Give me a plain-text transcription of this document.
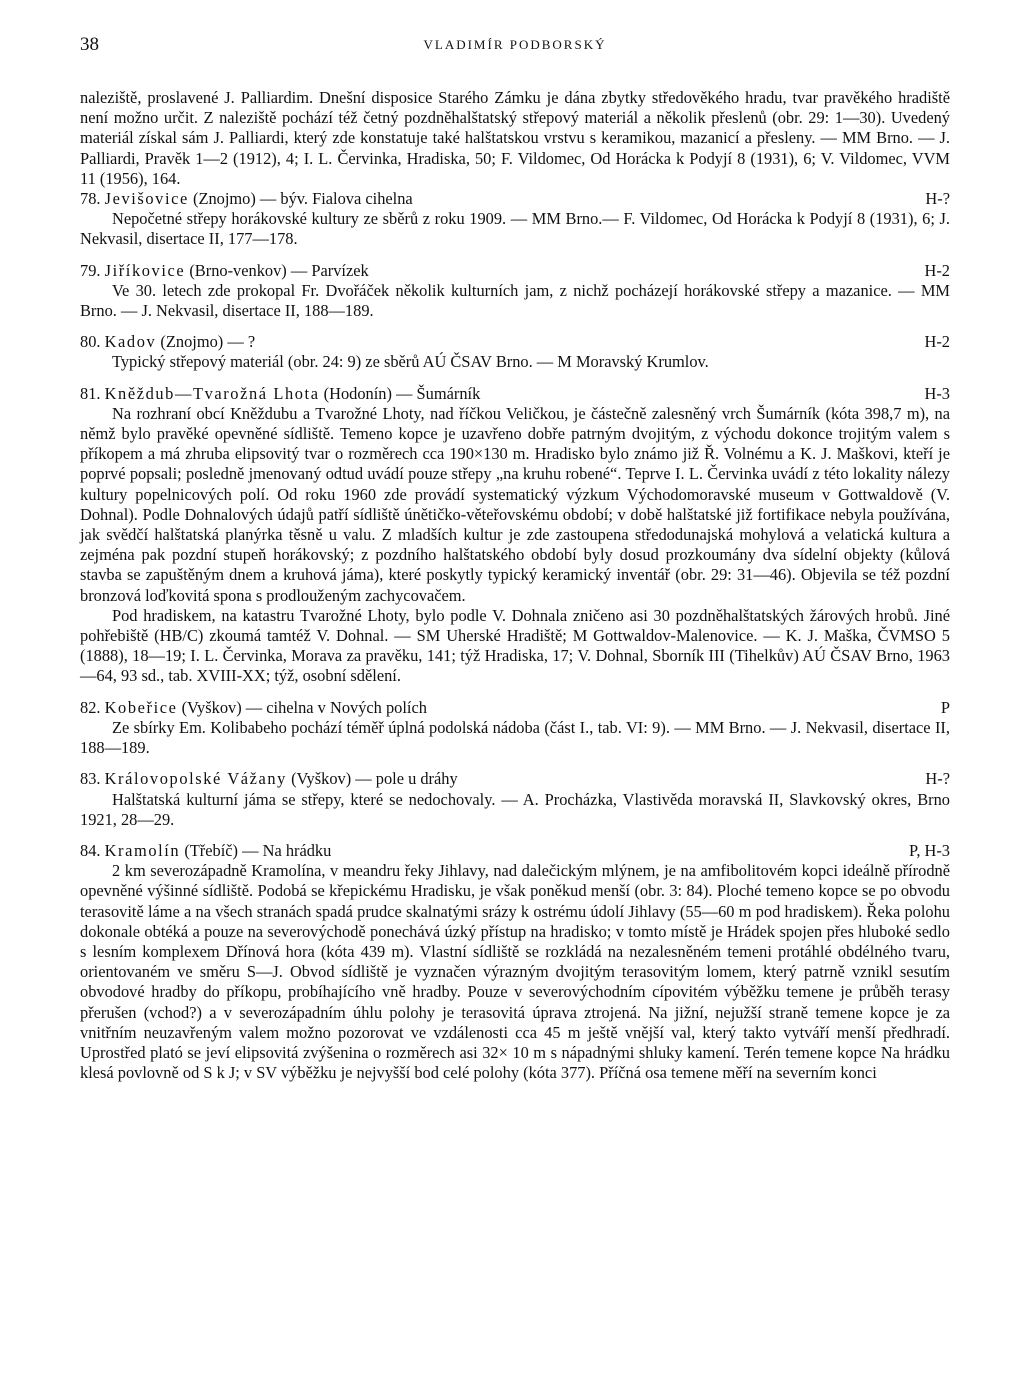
38	VLADIMÍR PODBORSKÝ

naleziště, proslavené J. Palliardim. Dnešní disposice Starého Zámku je dána zbytky středověkého hradu, tvar pravěkého hradiště není možno určit. Z naleziště pochází též četný pozdněhalštatský střepový materiál a několik přeslenů (obr. 29: 1—30). Uvedený materiál získal sám J. Palliardi, který zde konstatuje také halštatskou vrstvu s keramikou, mazanicí a přesleny. — MM Brno. — J. Palliardi, Pravěk 1—2 (1912), 4; I. L. Červinka, Hradiska, 50; F. Vildomec, Od Horácka k Podyjí 8 (1931), 6; V. Vildomec, VVM 11 (1956), 164.

78. Jevišovice (Znojmo) — býv. Fialova cihelna	H-?

Nepočetné střepy horákovské kultury ze sběrů z roku 1909. — MM Brno.— F. Vildomec, Od Horácka k Podyjí 8 (1931), 6; J. Nekvasil, disertace II, 177—178.

79. Jiříkovice (Brno-venkov) — Parvízek	H-2

Ve 30. letech zde prokopal Fr. Dvořáček několik kulturních jam, z nichž pocházejí horákovské střepy a mazanice. — MM Brno. — J. Nekvasil, disertace II, 188—189.

80. Kadov (Znojmo) — ?	H-2

Typický střepový materiál (obr. 24: 9) ze sběrů AÚ ČSAV Brno. — M Moravský Krumlov.

81. Kněždub—Tvarožná Lhota (Hodonín) — Šumárník	H-3

Na rozhraní obcí Kněždubu a Tvarožné Lhoty, nad říčkou Veličkou, je částečně zalesněný vrch Šumárník (kóta 398,7 m), na němž bylo pravěké opevněné sídliště. Temeno kopce je uzavřeno dobře patrným dvojitým, z východu dokonce trojitým valem s příkopem a má zhruba elipsovitý tvar o rozměrech cca 190×130 m. Hradisko bylo známo již Ř. Volnému a K. J. Maškovi, kteří je poprvé popsali; posledně jmenovaný odtud uvádí pouze střepy „na kruhu robené“. Teprve I. L. Červinka uvádí z této lokality nálezy kultury popelnicových polí. Od roku 1960 zde provádí systematický výzkum Východomoravské museum v Gottwaldově (V. Dohnal). Podle Dohnalových údajů patří sídliště únětičko-věteřovskému období; v době halštatské již fortifikace nebyla používána, jak svědčí halštatská planýrka těsně u valu. Z mladších kultur je zde zastoupena středodunajská mohylová a velatická kultura a zejména pak pozdní stupeň horákovský; z pozdního halštatského období byly dosud prozkoumány dva sídelní objekty (kůlová stavba se zapuštěným dnem a kruhová jáma), které poskytly typický keramický inventář (obr. 29: 31—46). Objevila se též pozdní bronzová loďkovitá spona s prodlouženým zachycovačem.

Pod hradiskem, na katastru Tvarožné Lhoty, bylo podle V. Dohnala zničeno asi 30 pozdněhalštatských žárových hrobů. Jiné pohřebiště (HB/C) zkoumá tamtéž V. Dohnal. — SM Uherské Hradiště; M Gottwaldov-Malenovice. — K. J. Maška, ČVMSO 5 (1888), 18—19; I. L. Červinka, Morava za pravěku, 141; týž Hradiska, 17; V. Dohnal, Sborník III (Tihelkův) AÚ ČSAV Brno, 1963—64, 93 sd., tab. XVIII-XX; týž, osobní sdělení.

82. Kobeřice (Vyškov) — cihelna v Nových polích	P

Ze sbírky Em. Kolibabeho pochází téměř úplná podolská nádoba (část I., tab. VI: 9). — MM Brno. — J. Nekvasil, disertace II, 188—189.

83. Královopolské Vážany (Vyškov) — pole u dráhy	H-?

Halštatská kulturní jáma se střepy, které se nedochovaly. — A. Procházka, Vlastivěda moravská II, Slavkovský okres, Brno 1921, 28—29.

84. Kramolín (Třebíč) — Na hrádku	P, H-3

2 km severozápadně Kramolína, v meandru řeky Jihlavy, nad dalečickým mlýnem, je na amfibolitovém kopci ideálně přírodně opevněné výšinné sídliště. Podobá se křepickému Hradisku, je však poněkud menší (obr. 3: 84). Ploché temeno kopce se po obvodu terasovitě láme a na všech stranách spadá prudce skalnatými srázy k ostrému údolí Jihlavy (55—60 m pod hradiskem). Řeka polohu dokonale obtéká a pouze na severovýchodě ponechává úzký přístup na hradisko; v tomto místě je Hrádek spojen přes hluboké sedlo s lesním komplexem Dřínová hora (kóta 439 m). Vlastní sídliště se rozkládá na nezalesněném temeni protáhlé obdélného tvaru, orientovaném ve směru S—J. Obvod sídliště je vyznačen výrazným dvojitým terasovitým lomem, který patrně vznikl sesutím obvodové hradby do příkopu, probíhajícího vně hradby. Pouze v severovýchodním cípovitém výběžku temene je průběh terasy přerušen (vchod?) a v severozápadním úhlu polohy je terasovitá úprava ztrojená. Na jižní, nejužší straně temene kopce je za vnitřním neuzavřeným valem možno pozorovat ve vzdálenosti cca 45 m ještě vnější val, který takto vytváří menší předhradí. Uprostřed plató se jeví elipsovitá zvýšenina o rozměrech asi 32× 10 m s nápadnými shluky kamení. Terén temene kopce Na hrádku klesá povlovně od S k J; v SV výběžku je nejvyšší bod celé polohy (kóta 377). Příčná osa temene měří na severním konci
